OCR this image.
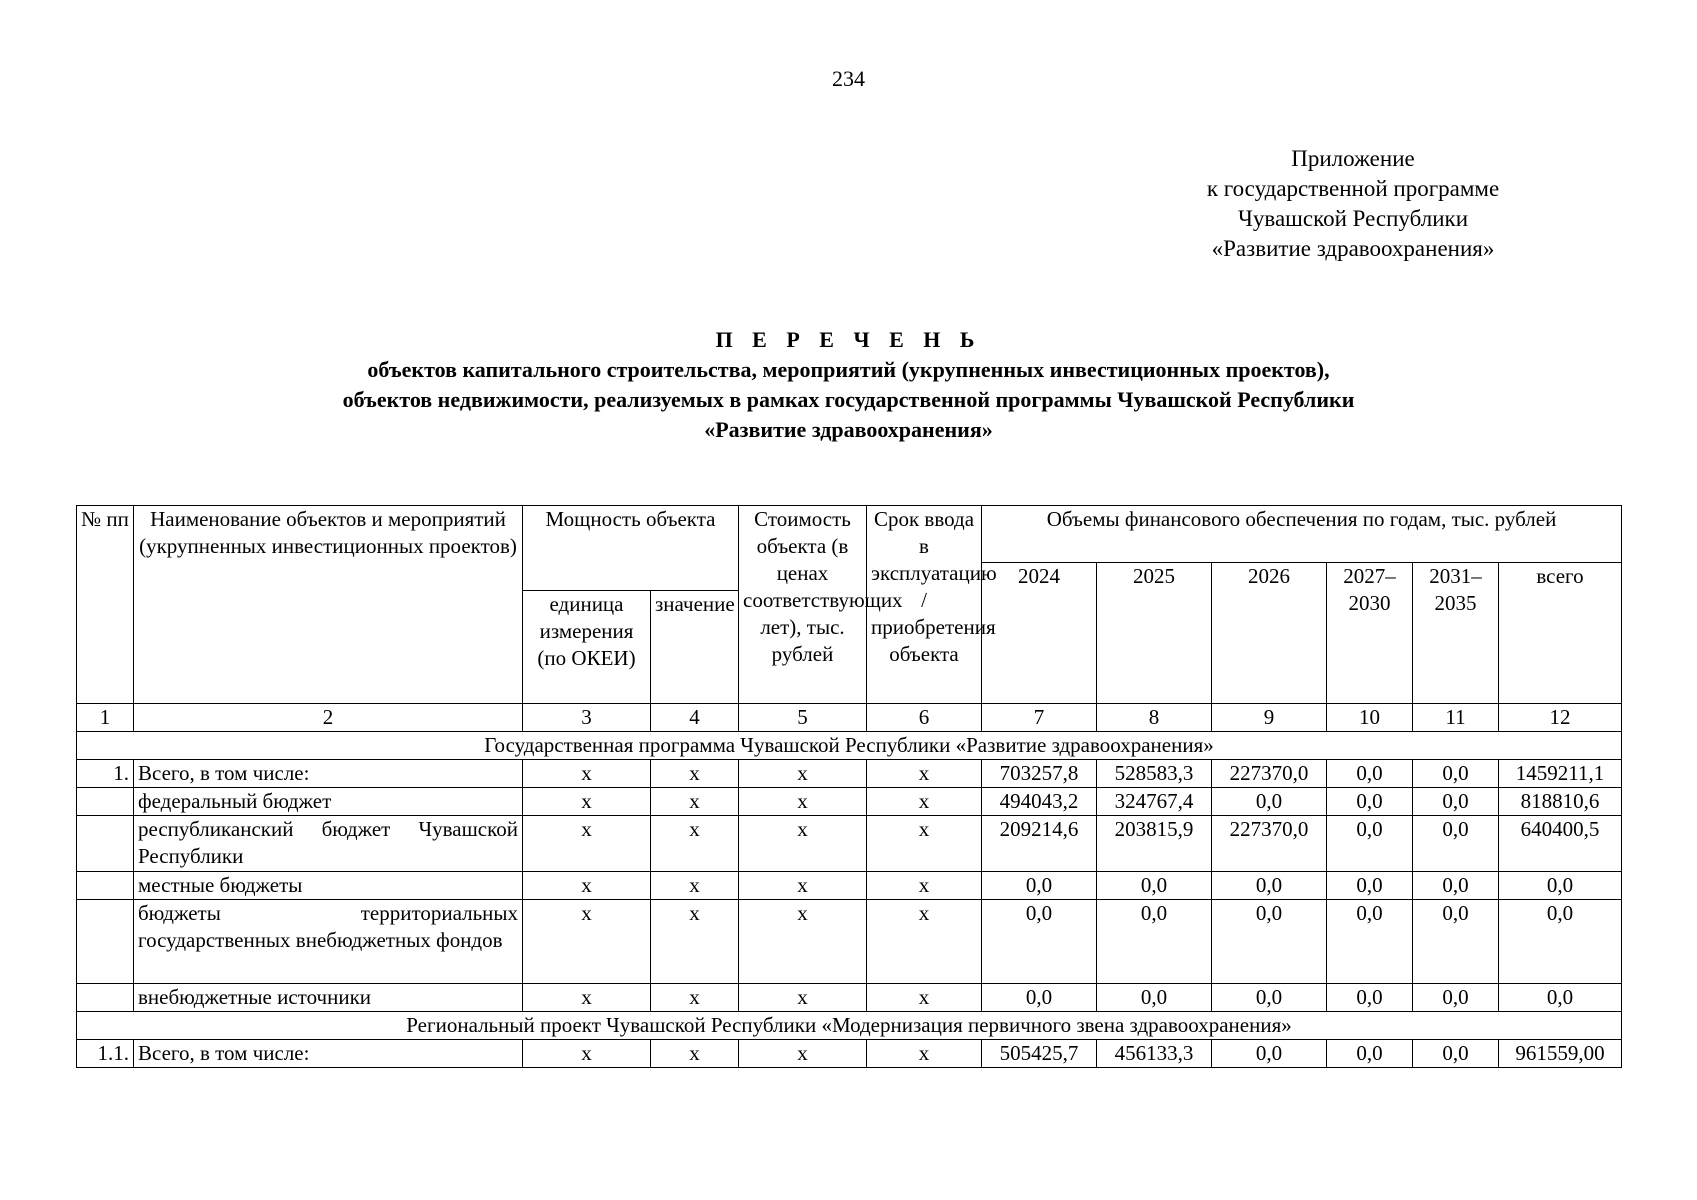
234
Приложение
к государственной программе
Чувашской Республики
«Развитие здравоохранения»
П Е Р Е Ч Е Н Ь
объектов капитального строительства, мероприятий (укрупненных инвестиционных проектов),
объектов недвижимости, реализуемых в рамках государственной программы Чувашской Республики
«Развитие здравоохранения»
№ пп	Наименование объектов и мероприятий (укрупненных инвестиционных проектов)	Мощность объекта		Стоимость объекта (в ценах соответствующих лет), тыс. рублей	Срок ввода в эксплуатацию / приобретения объекта	Объемы финансового обеспечения по годам, тыс. рублей					
						2024	2025	2026	2027– 2030	2031– 2035	всего
		единица измерения (по ОКЕИ)	значение								
1	2	3	4	5	6	7	8	9	10	11	12
Государственная программа Чувашской Республики «Развитие здравоохранения»											
1.	Всего, в том числе:	х	х	х	х	703257,8	528583,3	227370,0	0,0	0,0	1459211,1
	федеральный бюджет	х	х	х	х	494043,2	324767,4	0,0	0,0	0,0	818810,6
	республиканский бюджет Чувашской Республики	х	х	х	х	209214,6	203815,9	227370,0	0,0	0,0	640400,5
	местные бюджеты	х	х	х	х	0,0	0,0	0,0	0,0	0,0	0,0
	бюджеты территориальных государственных внебюджетных фондов	х	х	х	х	0,0	0,0	0,0	0,0	0,0	0,0
	внебюджетные источники	х	х	х	х	0,0	0,0	0,0	0,0	0,0	0,0
Региональный проект Чувашской Республики «Модернизация первичного звена здравоохранения»											
1.1.	Всего, в том числе:	х	х	х	х	505425,7	456133,3	0,0	0,0	0,0	961559,00
